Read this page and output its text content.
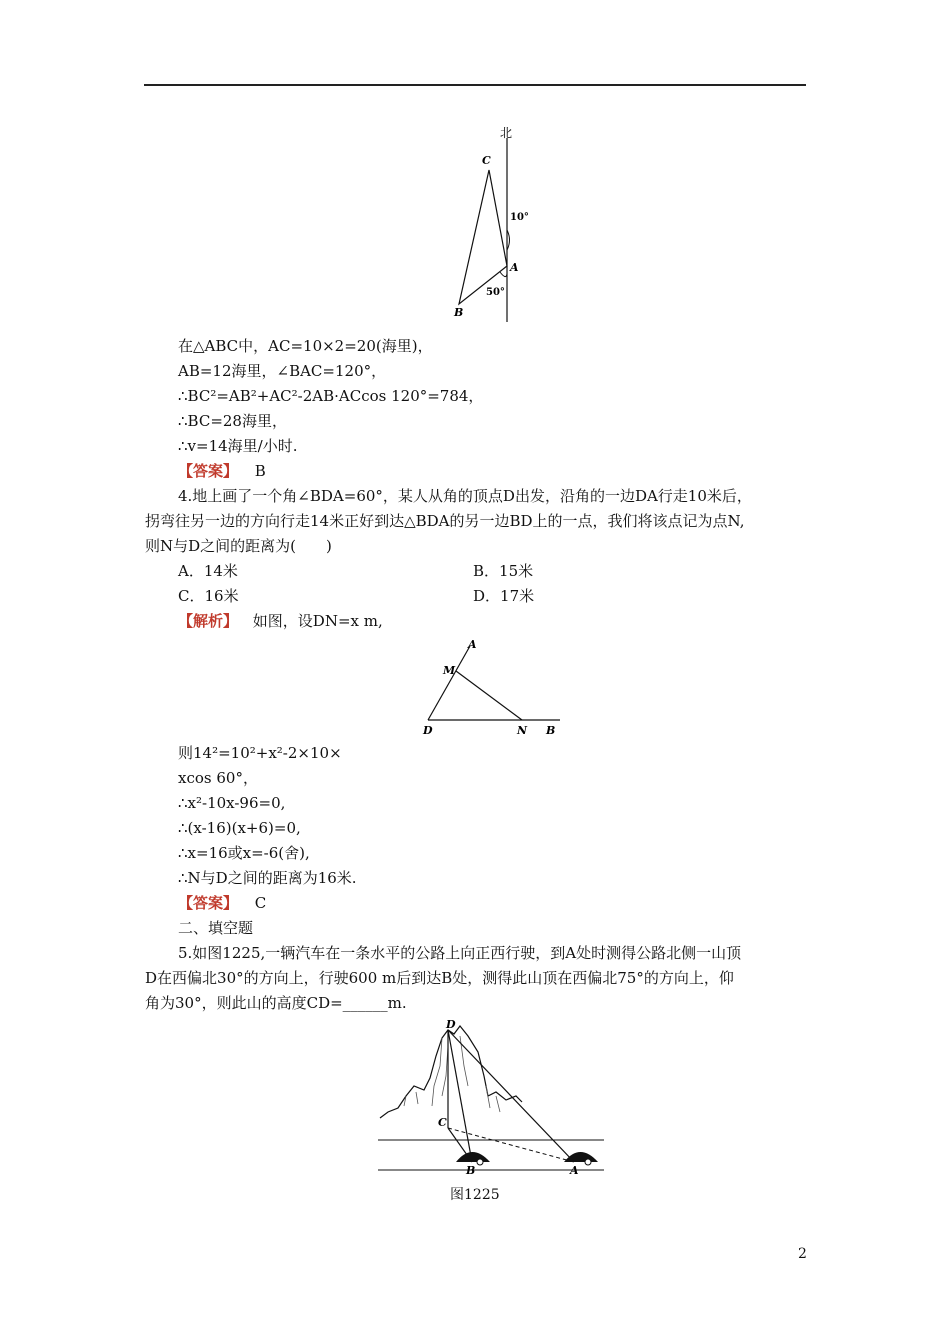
北
C
A
B
10°
50°
在△ABC中，AC=10×2=20(海里)，
AB=12海里，∠BAC=120°，
∴BC²=AB²+AC²-2AB·ACcos 120°=784，
∴BC=28海里，
∴v=14海里/小时.
【答案】 B
4.地上画了一个角∠BDA=60°，某人从角的顶点D出发，沿角的一边DA行走10米后，
拐弯往另一边的方向行走14米正好到达△BDA的另一边BD上的一点，我们将该点记为点N,
则N与D之间的距离为(　　)
A．14米	B．15米
C．16米	D．17米
【解析】 如图，设DN=x m,
A
M
D	N B
则14²=10²+x²-2×10×
xcos 60°，
∴x²-10x-96=0,
∴(x-16)(x+6)=0,
∴x=16或x=-6(舍),
∴N与D之间的距离为16米.
【答案】 C
二、填空题
5.如图1225,一辆汽车在一条水平的公路上向正西行驶，到A处时测得公路北侧一山顶
D在西偏北30°的方向上，行驶600 m后到达B处，测得此山顶在西偏北75°的方向上，仰
角为30°，则此山的高度CD=______m.
D
C
B	A
图1225
2
